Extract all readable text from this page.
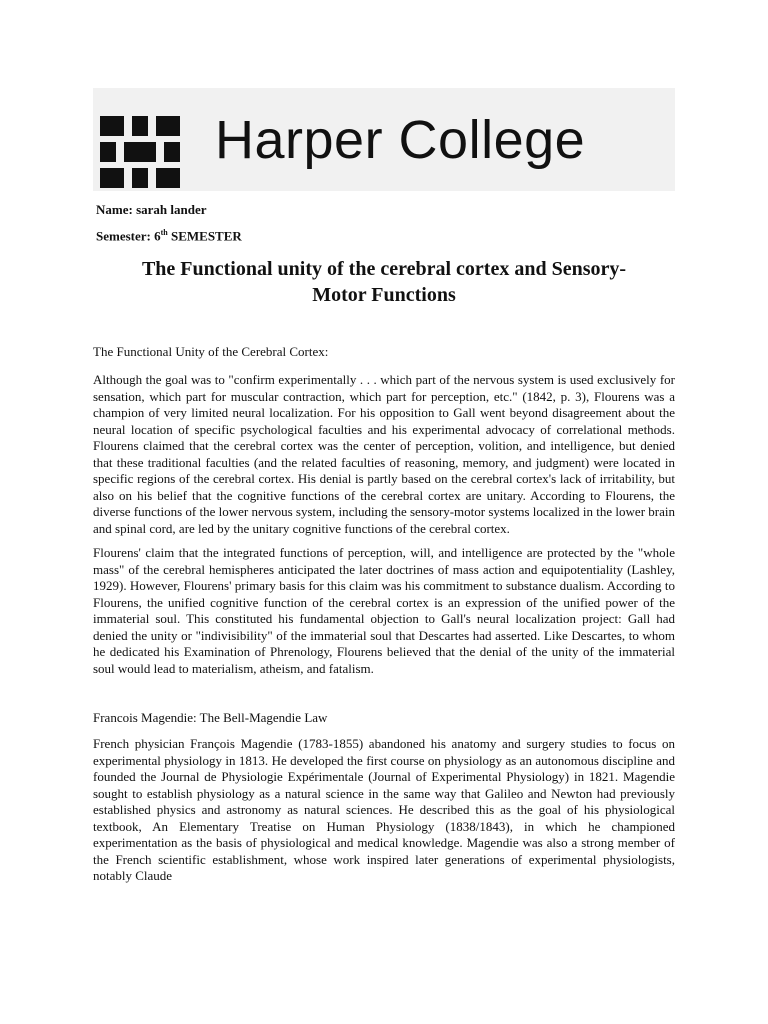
Harper College
Name: sarah lander
Semester: 6th SEMESTER
The Functional unity of the cerebral cortex and Sensory-
Motor Functions

The Functional Unity of the Cerebral Cortex:

Although the goal was to "confirm experimentally . . . which part of the nervous system is used exclusively for sensation, which part for muscular contraction, which part for perception, etc." (1842, p. 3), Flourens was a champion of very limited neural localization. For his opposition to Gall went beyond disagreement about the neural location of specific psychological faculties and his experimental advocacy of correlational methods. Flourens claimed that the cerebral cortex was the center of perception, volition, and intelligence, but denied that these traditional faculties (and the related faculties of reasoning, memory, and judgment) were located in specific regions of the cerebral cortex. His denial is partly based on the cerebral cortex's lack of irritability, but also on his belief that the cognitive functions of the cerebral cortex are unitary. According to Flourens, the diverse functions of the lower nervous system, including the sensory-motor systems localized in the lower brain and spinal cord, are led by the unitary cognitive functions of the cerebral cortex.

Flourens' claim that the integrated functions of perception, will, and intelligence are protected by the "whole mass" of the cerebral hemispheres anticipated the later doctrines of mass action and equipotentiality (Lashley, 1929). However, Flourens' primary basis for this claim was his commitment to substance dualism. According to Flourens, the unified cognitive function of the cerebral cortex is an expression of the unified power of the immaterial soul. This constituted his fundamental objection to Gall's neural localization project: Gall had denied the unity or "indivisibility" of the immaterial soul that Descartes had asserted. Like Descartes, to whom he dedicated his Examination of Phrenology, Flourens believed that the denial of the unity of the immaterial soul would lead to materialism, atheism, and fatalism.

Francois Magendie: The Bell-Magendie Law

French physician François Magendie (1783-1855) abandoned his anatomy and surgery studies to focus on experimental physiology in 1813. He developed the first course on physiology as an autonomous discipline and founded the Journal de Physiologie Expérimentale (Journal of Experimental Physiology) in 1821. Magendie sought to establish physiology as a natural science in the same way that Galileo and Newton had previously established physics and astronomy as natural sciences. He described this as the goal of his physiological textbook, An Elementary Treatise on Human Physiology (1838/1843), in which he championed experimentation as the basis of physiological and medical knowledge. Magendie was also a strong member of the French scientific establishment, whose work inspired later generations of experimental physiologists, notably Claude
